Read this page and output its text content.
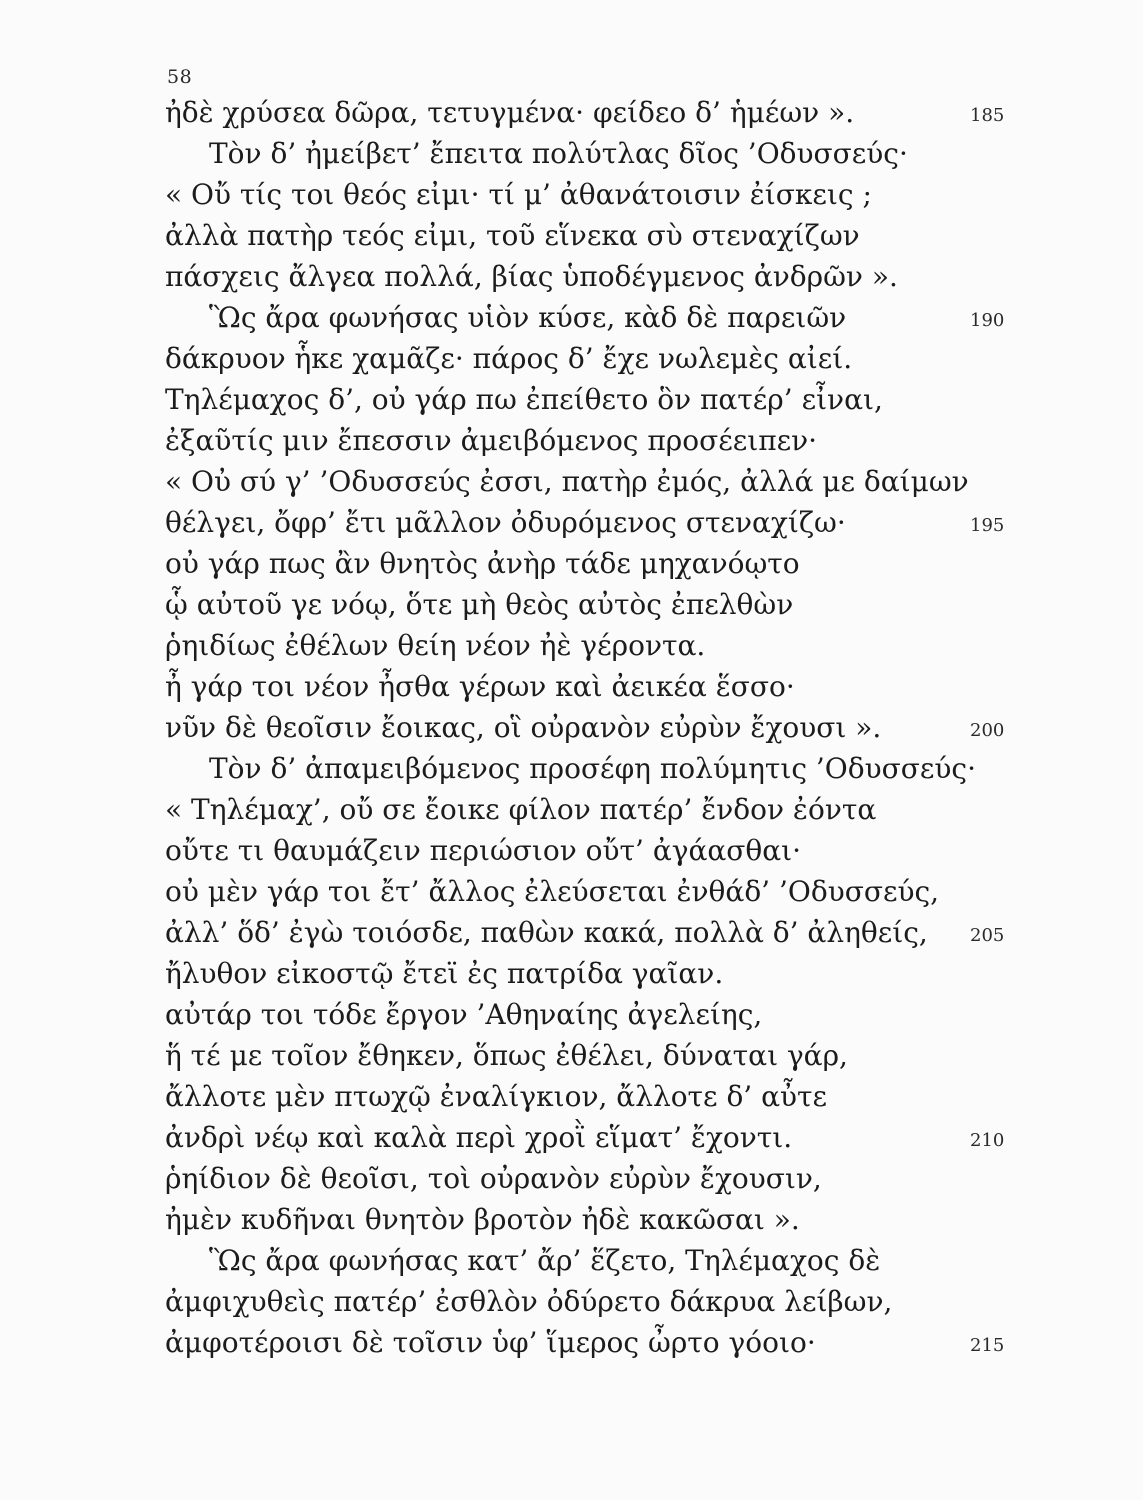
58
ἠδὲ χρύσεα δῶρα, τετυγμένα· φείδεο δ’ ἡμέων ».	185
Τὸν δ’ ἠμείβετ’ ἔπειτα πολύτλας δῖος ’Οδυσσεύς·
« Οὔ τίς τοι θεός εἰμι· τί μ’ ἀθανάτοισιν ἐίσκεις ;
ἀλλὰ πατὴρ τεός εἰμι, τοῦ εἵνεκα σὺ στεναχίζων
πάσχεις ἄλγεα πολλά, βίας ὑποδέγμενος ἀνδρῶν ».
Ὣς ἄρα φωνήσας υἱὸν κύσε, κὰδ δὲ παρειῶν	190
δάκρυον ἧκε χαμᾶζε· πάρος δ’ ἔχε νωλεμὲς αἰεί.
Τηλέμαχος δ’, οὐ γάρ πω ἐπείθετο ὃν πατέρ’ εἶναι,
ἐξαῦτίς μιν ἔπεσσιν ἀμειβόμενος προσέειπεν·
« Οὐ σύ γ’ ’Οδυσσεύς ἐσσι, πατὴρ ἐμός, ἀλλά με δαίμων
θέλγει, ὄφρ’ ἔτι μᾶλλον ὀδυρόμενος στεναχίζω·	195
οὐ γάρ πως ἂν θνητὸς ἀνὴρ τάδε μηχανόῳτο
ᾧ αὐτοῦ γε νόῳ, ὅτε μὴ θεὸς αὐτὸς ἐπελθὼν
ῥηιδίως ἐθέλων θείη νέον ἠὲ γέροντα.
ἦ γάρ τοι νέον ἦσθα γέρων καὶ ἀεικέα ἕσσο·
νῦν δὲ θεοῖσιν ἔοικας, οἳ οὐρανὸν εὐρὺν ἔχουσι ».	200
Τὸν δ’ ἀπαμειβόμενος προσέφη πολύμητις ’Οδυσσεύς·
« Τηλέμαχ’, οὔ σε ἔοικε φίλον πατέρ’ ἔνδον ἐόντα
οὔτε τι θαυμάζειν περιώσιον οὔτ’ ἀγάασθαι·
οὐ μὲν γάρ τοι ἔτ’ ἄλλος ἐλεύσεται ἐνθάδ’ ’Οδυσσεύς,
ἀλλ’ ὅδ’ ἐγὼ τοιόσδε, παθὼν κακά, πολλὰ δ’ ἀληθείς, 205
ἤλυθον εἰκοστῷ ἔτεϊ ἐς πατρίδα γαῖαν.
αὐτάρ τοι τόδε ἔργον ’Αθηναίης ἀγελείης,
ἥ τέ με τοῖον ἔθηκεν, ὅπως ἐθέλει, δύναται γάρ,
ἄλλοτε μὲν πτωχῷ ἐναλίγκιον, ἄλλοτε δ’ αὖτε
ἀνδρὶ νέῳ καὶ καλὰ περὶ χροῒ εἵματ’ ἔχοντι.	210
ῥηίδιον δὲ θεοῖσι, τοὶ οὐρανὸν εὐρὺν ἔχουσιν,
ἠμὲν κυδῆναι θνητὸν βροτὸν ἠδὲ κακῶσαι ».
Ὣς ἄρα φωνήσας κατ’ ἄρ’ ἕζετο, Τηλέμαχος δὲ
ἀμφιχυθεὶς πατέρ’ ἐσθλὸν ὀδύρετο δάκρυα λείβων,
ἀμφοτέροισι δὲ τοῖσιν ὑφ’ ἵμερος ὦρτο γόοιο·	215
